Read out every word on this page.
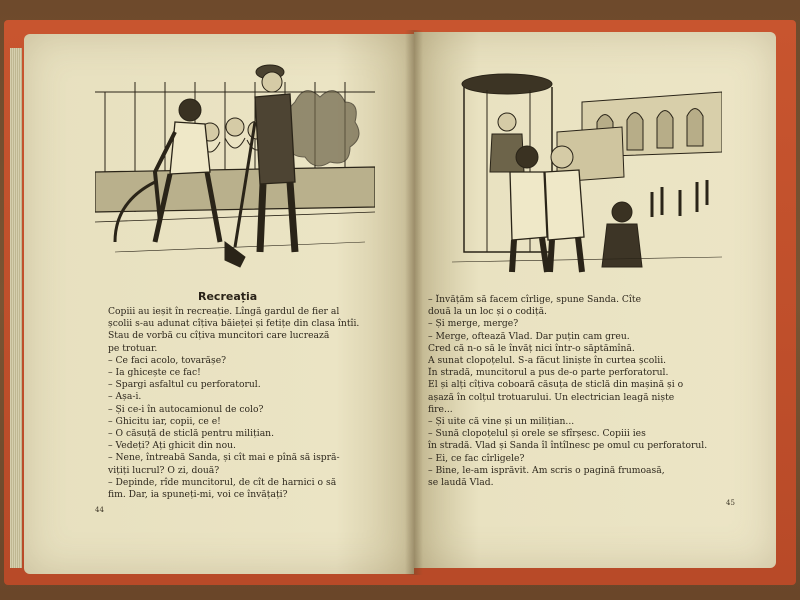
Recreația
Copiii au ieșit în recreație. Lîngă gardul de fier al
școlii s-au adunat cîțiva băieței și fetițe din clasa întîi.
Stau de vorbă cu cîțiva muncitori care lucrează
pe trotuar.
– Ce faci acolo, tovarășe?
– Ia ghicește ce fac!
– Spargi asfaltul cu perforatorul.
– Așa-i.
– Și ce-i în autocamionul de colo?
– Ghicitu iar, copii, ce e!
– O căsuță de sticlă pentru milițian.
– Vedeți? Ați ghicit din nou.
– Nene, întreabă Sanda, și cît mai e pînă să ispră-
vițiți lucrul? O zi, două?
– Depinde, rîde muncitorul, de cît de harnici o să
fim. Dar, ia spuneți-mi, voi ce învățați?
– Învățăm să facem cîrlige, spune Sanda. Cîte
două la un loc și o codiță.
– Și merge, merge?
– Merge, oftează Vlad. Dar puțin cam greu.
Cred că n-o să le învăț nici într-o săptămînă.
A sunat clopoțelul. S-a făcut liniște în curtea școlii.
În stradă, muncitorul a pus de-o parte perforatorul.
El și alți cîțiva coboară căsuța de sticlă din mașină și o
așază în colțul trotuarului. Un electrician leagă niște
fire...
– Și uite că vine și un milițian...
– Sună clopoțelul și orele se sfîrșesc. Copiii ies
în stradă. Vlad și Sanda îl întîlnesc pe omul cu perforatorul.
– Ei, ce fac cîrligele?
– Bine, le-am isprăvit. Am scris o pagină frumoasă,
se laudă Vlad.
44
45
